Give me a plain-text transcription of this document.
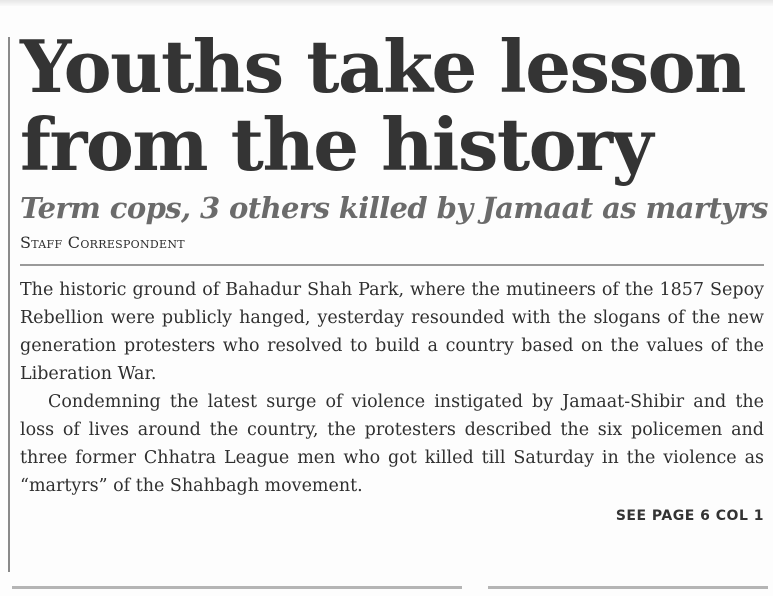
Youths take lesson
from the history
Term cops, 3 others killed by Jamaat as martyrs
Staff Correspondent

The historic ground of Bahadur Shah Park, where the mutineers of the 1857 Sepoy Rebellion were publicly hanged, yesterday resounded with the slogans of the new generation protesters who resolved to build a country based on the values of the Liberation War.

Condemning the latest surge of violence instigated by Jamaat-Shibir and the loss of lives around the country, the protesters described the six policemen and three former Chhatra League men who got killed till Saturday in the violence as “martyrs” of the Shahbagh movement.

SEE PAGE 6 COL 1
